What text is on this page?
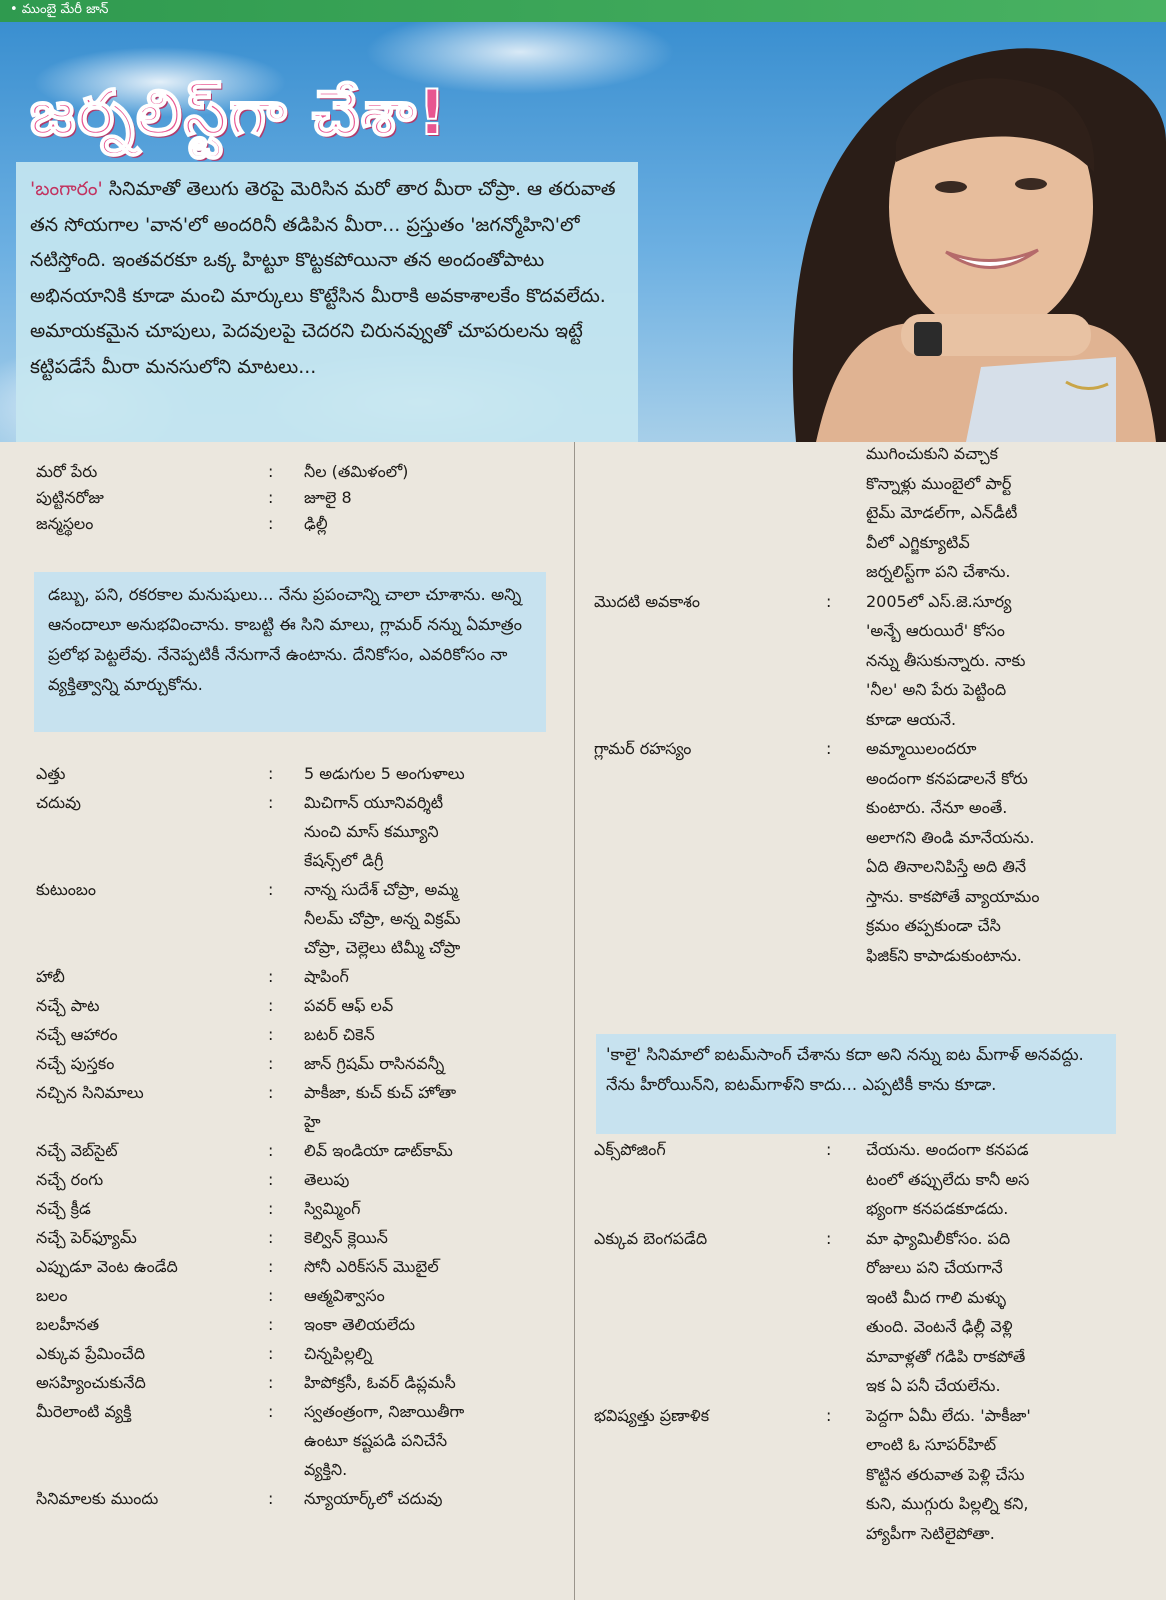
• ముంబై మేరీ జాన్
జర్నలిస్ట్‌గా చేశా!
'బంగారం' సినిమాతో తెలుగు తెరపై మెరిసిన మరో తార మీరా చోప్రా. ఆ తరువాత తన సోయగాల 'వాన'లో అందరినీ తడిపిన మీరా... ప్రస్తుతం 'జగన్మోహిని'లో నటిస్తోంది. ఇంతవరకూ ఒక్క హిట్టూ కొట్టకపోయినా తన అందంతోపాటు అభినయానికి కూడా మంచి మార్కులు కొట్టేసిన మీరాకి అవకాశాలకేం కొదవలేదు. అమాయకమైన చూపులు, పెదవులపై చెదరని చిరునవ్వుతో చూపరులను ఇట్టే కట్టిపడేసే మీరా మనసులోని మాటలు...
మరో పేరు	: నీల (తమిళంలో)
పుట్టినరోజు	: జూలై 8
జన్మస్థలం	: ఢిల్లీ
డబ్బు, పని, రకరకాల మనుషులు... నేను ప్రపంచాన్ని చాలా చూశాను. అన్ని ఆనందాలూ అనుభవించాను. కాబట్టి ఈ సిని మాలు, గ్లామర్ నన్ను ఏమాత్రం ప్రలోభ పెట్టలేవు. నేనెప్పటికీ నేనుగానే ఉంటాను. దేనికోసం, ఎవరికోసం నా వ్యక్తిత్వాన్ని మార్చుకోను.
ఎత్తు	: 5 అడుగుల 5 అంగుళాలు
చదువు	: మిచిగాన్ యూనివర్శిటీ
నుంచి మాస్ కమ్యూని
కేషన్స్‌లో డిగ్రీ
కుటుంబం	: నాన్న సుదేశ్ చోప్రా, అమ్మ
నీలమ్ చోప్రా, అన్న విక్రమ్
చోప్రా, చెల్లెలు టిమ్మీ చోప్రా
హాబీ	: షాపింగ్
నచ్చే పాట	: పవర్ ఆఫ్ లవ్
నచ్చే ఆహారం	: బటర్ చికెన్
నచ్చే పుస్తకం	: జాన్ గ్రిషమ్ రాసినవన్నీ
నచ్చిన సినిమాలు	: పాకీజా, కుచ్ కుచ్ హోతా
హై
నచ్చే వెబ్‌సైట్	: లివ్ ఇండియా డాట్‌కామ్
నచ్చే రంగు	: తెలుపు
నచ్చే క్రీడ	: స్విమ్మింగ్
నచ్చే పెర్‌ఫ్యూమ్	: కెల్విన్ క్లెయిన్
ఎప్పుడూ వెంట ఉండేది	: సోనీ ఎరిక్‌సన్ మొబైల్
బలం	: ఆత్మవిశ్వాసం
బలహీనత	: ఇంకా తెలియలేదు
ఎక్కువ ప్రేమించేది	: చిన్నపిల్లల్ని
అసహ్యించుకునేది	: హిపోక్రసీ, ఓవర్ డిప్లమసీ
మీరెలాంటి వ్యక్తి	: స్వతంత్రంగా, నిజాయితీగా
ఉంటూ కష్టపడి పనిచేసే
వ్యక్తిని.
సినిమాలకు ముందు	: న్యూయార్క్‌లో చదువు
ముగించుకుని వచ్చాక
కొన్నాళ్లు ముంబైలో పార్ట్
టైమ్ మోడల్‌గా, ఎన్‌డీటీ
వీలో ఎగ్జిక్యూటివ్
జర్నలిస్ట్‌గా పని చేశాను.
మొదటి అవకాశం	: 2005లో ఎస్.జె.సూర్య
'అన్బే ఆరుయిరే' కోసం
నన్ను తీసుకున్నారు. నాకు
'నీల' అని పేరు పెట్టింది
కూడా ఆయనే.
గ్లామర్ రహస్యం	: అమ్మాయిలందరూ
అందంగా కనపడాలనే కోరు
కుంటారు. నేనూ అంతే.
అలాగని తిండి మానేయను.
ఏది తినాలనిపిస్తే అది తినే
స్తాను. కాకపోతే వ్యాయామం
క్రమం తప్పకుండా చేసి
ఫిజిక్‌ని కాపాడుకుంటాను.
'కాలై' సినిమాలో ఐటమ్‌సాంగ్ చేశాను కదా అని నన్ను ఐట మ్‌గాళ్ అనవద్దు. నేను హీరోయిన్‌ని, ఐటమ్‌గాళ్‌ని కాదు... ఎప్పటికీ కాను కూడా.
ఎక్స్‌పోజింగ్	: చేయను. అందంగా కనపడ
టంలో తప్పులేదు కానీ అస
భ్యంగా కనపడకూడదు.
ఎక్కువ బెంగపడేది	: మా ఫ్యామిలీకోసం. పది
రోజులు పని చేయగానే
ఇంటి మీద గాలి మళ్ళు
తుంది. వెంటనే ఢిల్లీ వెళ్లి
మావాళ్లతో గడిపి రాకపోతే
ఇక ఏ పనీ చేయలేను.
భవిష్యత్తు ప్రణాళిక	: పెద్దగా ఏమీ లేదు. 'పాకీజా'
లాంటి ఓ సూపర్‌హిట్
కొట్టిన తరువాత పెళ్లి చేసు
కుని, ముగ్గురు పిల్లల్ని కని,
హ్యాపీగా సెటిలైపోతా.
